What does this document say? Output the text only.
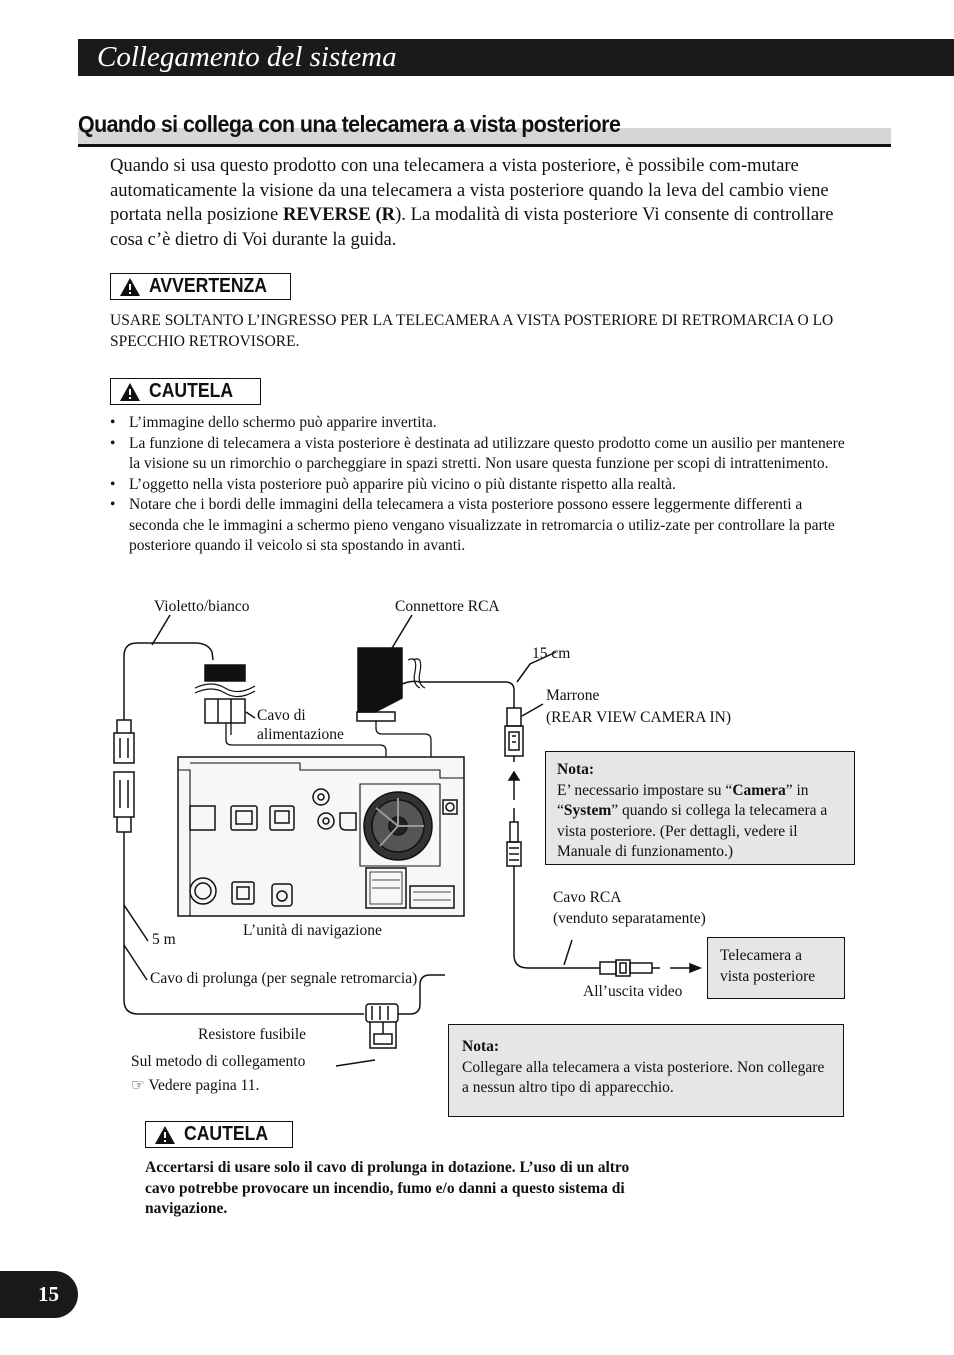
Collegamento del sistema
Quando si collega con una telecamera a vista posteriore
Quando si usa questo prodotto con una telecamera a vista posteriore, è possibile com-mutare automaticamente la visione da una telecamera a vista posteriore quando la leva del cambio viene portata nella posizione REVERSE (R). La modalità di vista posteriore Vi consente di controllare cosa c’è dietro di Voi durante la guida.
AVVERTENZA
USARE SOLTANTO L’INGRESSO PER LA TELECAMERA A VISTA POSTERIORE DI RETROMARCIA O LO SPECCHIO RETROVISORE.
CAUTELA
• L’immagine dello schermo può apparire invertita.
• La funzione di telecamera a vista posteriore è destinata ad utilizzare questo prodotto come un ausilio per mantenere la visione su un rimorchio o parcheggiare in spazi stretti. Non usare questa funzione per scopi di intrattenimento.
• L’oggetto nella vista posteriore può apparire più vicino o più distante rispetto alla realtà.
• Notare che i bordi delle immagini della telecamera a vista posteriore possono essere leggermente differenti a seconda che le immagini a schermo pieno vengano visualizzate in retromarcia o utiliz-zate per controllare la parte posteriore quando il veicolo si sta spostando in avanti.
Violetto/bianco	Connettore RCA
15 cm
Marrone
(REAR VIEW CAMERA IN)
Cavo di
alimentazione
L’unità di navigazione
5 m
Cavo di prolunga (per segnale retromarcia)
Cavo RCA
(venduto separatamente)
All’uscita video
Resistore fusibile
Sul metodo di collegamento
☞ Vedere pagina 11.
Telecamera a
vista posteriore
Nota:
E’ necessario impostare su “Camera” in “System” quando si collega la telecamera a vista posteriore. (Per dettagli, vedere il Manuale di funzionamento.)
Nota:
Collegare alla telecamera a vista posteriore. Non collegare a nessun altro tipo di apparecchio.
CAUTELA
Accertarsi di usare solo il cavo di prolunga in dotazione. L’uso di un altro cavo potrebbe provocare un incendio, fumo e/o danni a questo sistema di navigazione.
15
